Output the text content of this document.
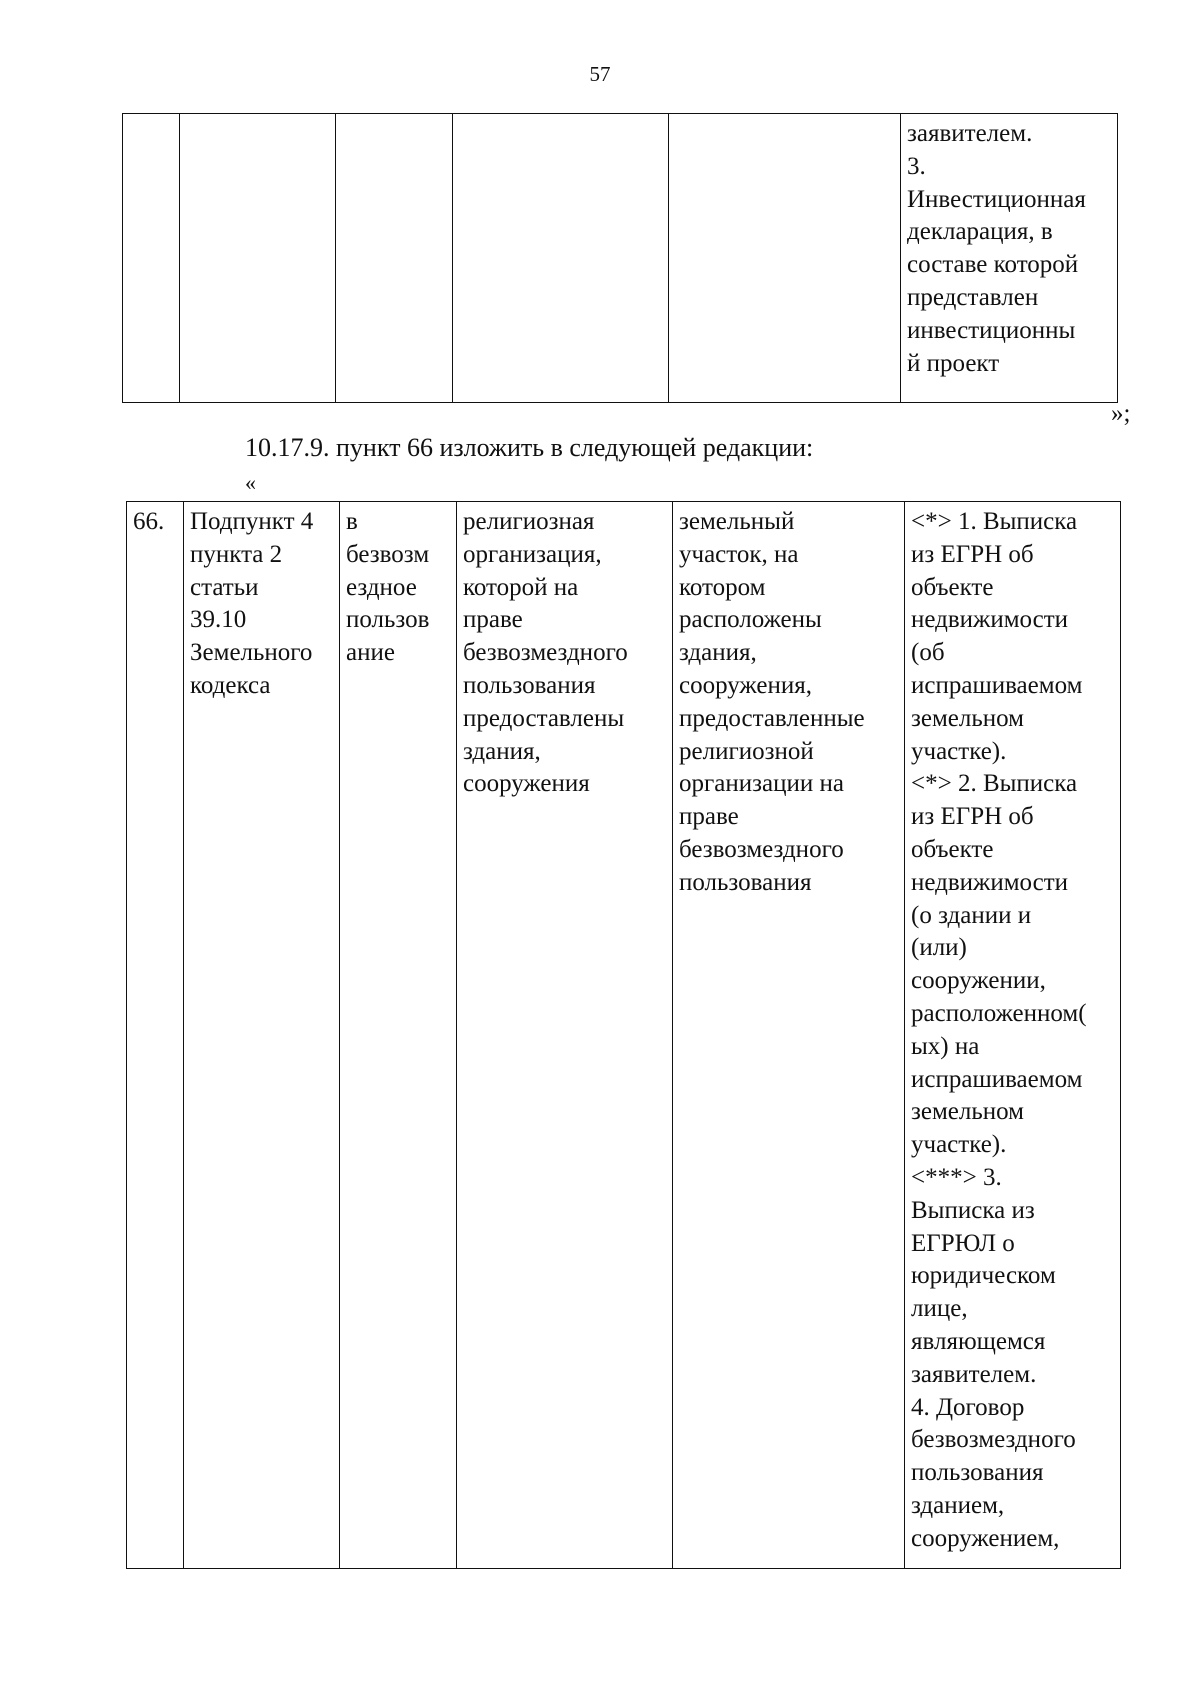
57
					заявителем.
3.
Инвестиционная
декларация, в
составе которой
представлен
инвестиционны
й проект
»;
10.17.9. пункт 66 изложить в следующей редакции:
«
66.	Подпункт 4
пункта 2
статьи
39.10
Земельного
кодекса	в
безвозм
ездное
пользов
ание	религиозная
организация,
которой на
праве
безвозмездного
пользования
предоставлены
здания,
сооружения	земельный
участок, на
котором
расположены
здания,
сооружения,
предоставленные
религиозной
организации на
праве
безвозмездного
пользования	<*> 1. Выписка
из ЕГРН об
объекте
недвижимости
(об
испрашиваемом
земельном
участке).
<*> 2. Выписка
из ЕГРН об
объекте
недвижимости
(о здании и
(или)
сооружении,
расположенном(
ых) на
испрашиваемом
земельном
участке).
<***> 3.
Выписка из
ЕГРЮЛ о
юридическом
лице,
являющемся
заявителем.
4. Договор
безвозмездного
пользования
зданием,
сооружением,
